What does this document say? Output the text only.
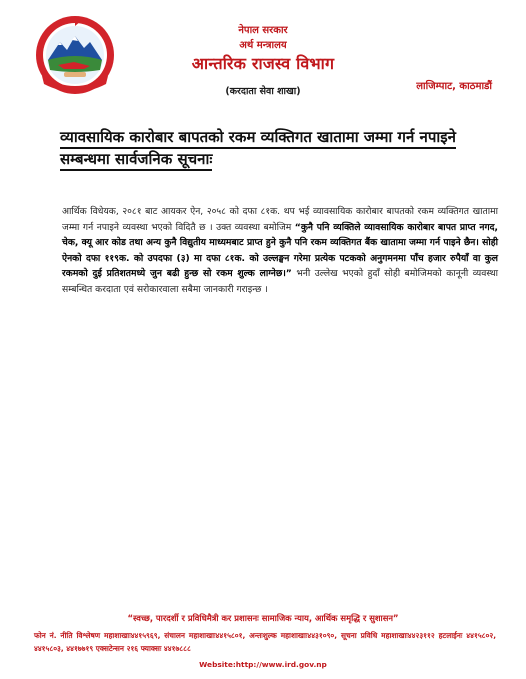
नेपाल सरकार
अर्थ मन्त्रालय
आन्तरिक राजस्व विभाग
(करदाता सेवा शाखा)	लाजिम्पाट, काठमाडौं
व्यावसायिक कारोबार बापतको रकम व्यक्तिगत खातामा जम्मा गर्न नपाइने सम्बन्धमा सार्वजनिक सूचनाः
आर्थिक विधेयक, २०८१ बाट आयकर ऐन, २०५८ को दफा ८१क. थप भई व्यावसायिक कारोबार बापतको रकम व्यक्तिगत खातामा जम्मा गर्न नपाइने व्यवस्था भएको विदितै छ । उक्त व्यवस्था बमोजिम “कुनै पनि व्यक्तिले व्यावसायिक कारोबार बापत प्राप्त नगद, चेक, क्यू आर कोड तथा अन्य कुनै विद्युतीय माध्यमबाट प्राप्त हुने कुनै पनि रकम व्यक्तिगत बैंक खातामा जम्मा गर्न पाइने छैन। सोही ऐनको दफा ११९क. को उपदफा (३) मा दफा ८१क. को उल्लङ्घन गरेमा प्रत्येक पटकको अनुगमनमा पाँच हजार रुपैयाँ वा कुल रकमको दुई प्रतिशतमध्ये जुन बढी हुन्छ सो रकम शुल्क लाग्नेछ।” भनी उल्लेख भएको हुदाँ सोही बमोजिमको कानूनी व्यवस्था सम्बन्धित करदाता एवं सरोकारवाला सबैमा जानकारी गराइन्छ ।
“स्वच्छ, पारदर्शी र प्रविधिमैत्री कर प्रशासनः सामाजिक न्याय, आर्थिक समृद्धि र सुशासन”
फोन नं. नीति विश्लेषण महाशाखाः४४१५९६९, संचालन महाशाखाः४४१५८०१, अन्तःशुल्क महाशाखाः४४३१०९०, सूचना प्रविधि महाशाखाः४४२३११२ हटलाईनः ४४१५८०२, ४४१५८०३, ४४१७७१९ एक्सटेन्सन २१६ फ्याक्सः ४४१७८८८
Website:http://www.ird.gov.np
